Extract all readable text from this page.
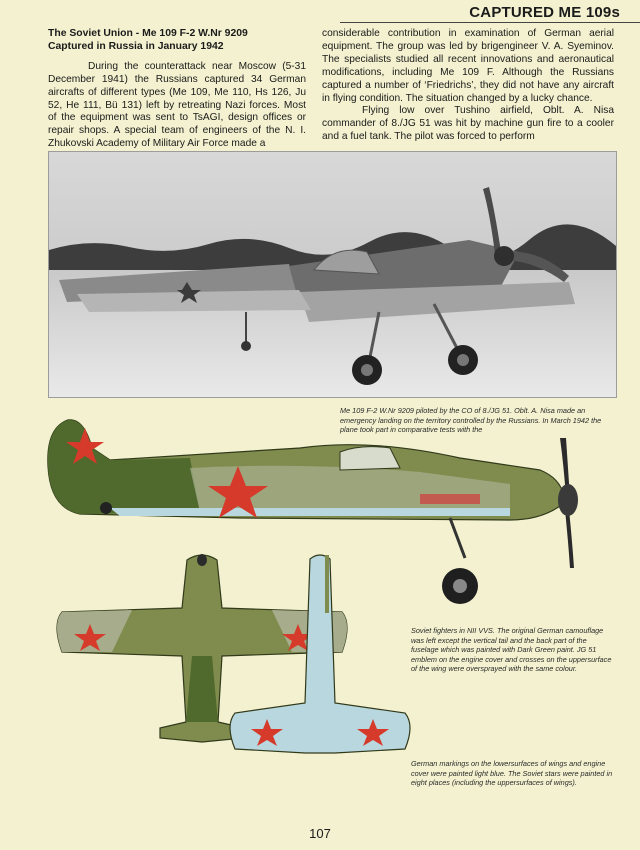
CAPTURED ME 109s
The Soviet Union - Me 109 F-2 W.Nr 9209
Captured in Russia in January 1942

During the counterattack near Moscow (5-31 December 1941) the Russians captured 34 German aircrafts of different types (Me 109, Me 110, Hs 126, Ju 52, He 111, Bü 131) left by retreating Nazi forces. Most of the equipment was sent to TsAGI, design offices or repair shops. A special team of engineers of the N. I. Zhukovski Academy of Military Air Force made a

considerable contribution in examination of German aerial equipment. The group was led by brigengineer V. A. Syeminov. The specialists studied all recent innovations and aeronautical modifications, including Me 109 F. Although the Russians captured a number of ‘Friedrichs’, they did not have any aircraft in flying condition. The situation changed by a lucky chance.

Flying low over Tushino airfield, Oblt. A. Nisa commander of 8./JG 51 was hit by machine gun fire to a cooler and a fuel tank. The pilot was forced to perform

Me 109 F-2 W.Nr 9209 piloted by the CO of 8./JG 51. Oblt. A. Nisa made an emergency landing on the territory controlled by the Russians. In March 1942 the plane took part in comparative tests with the
Soviet fighters in NII VVS. The original German camouflage was left except the vertical tail and the back part of the fuselage which was painted with Dark Green paint. JG 51 emblem on the engine cover and crosses on the uppersurface of the wing were oversprayed with the same colour.
German markings on the lowersurfaces of wings and engine cover were painted light blue. The Soviet stars were painted in eight places (including the uppersurfaces of wings).
107
